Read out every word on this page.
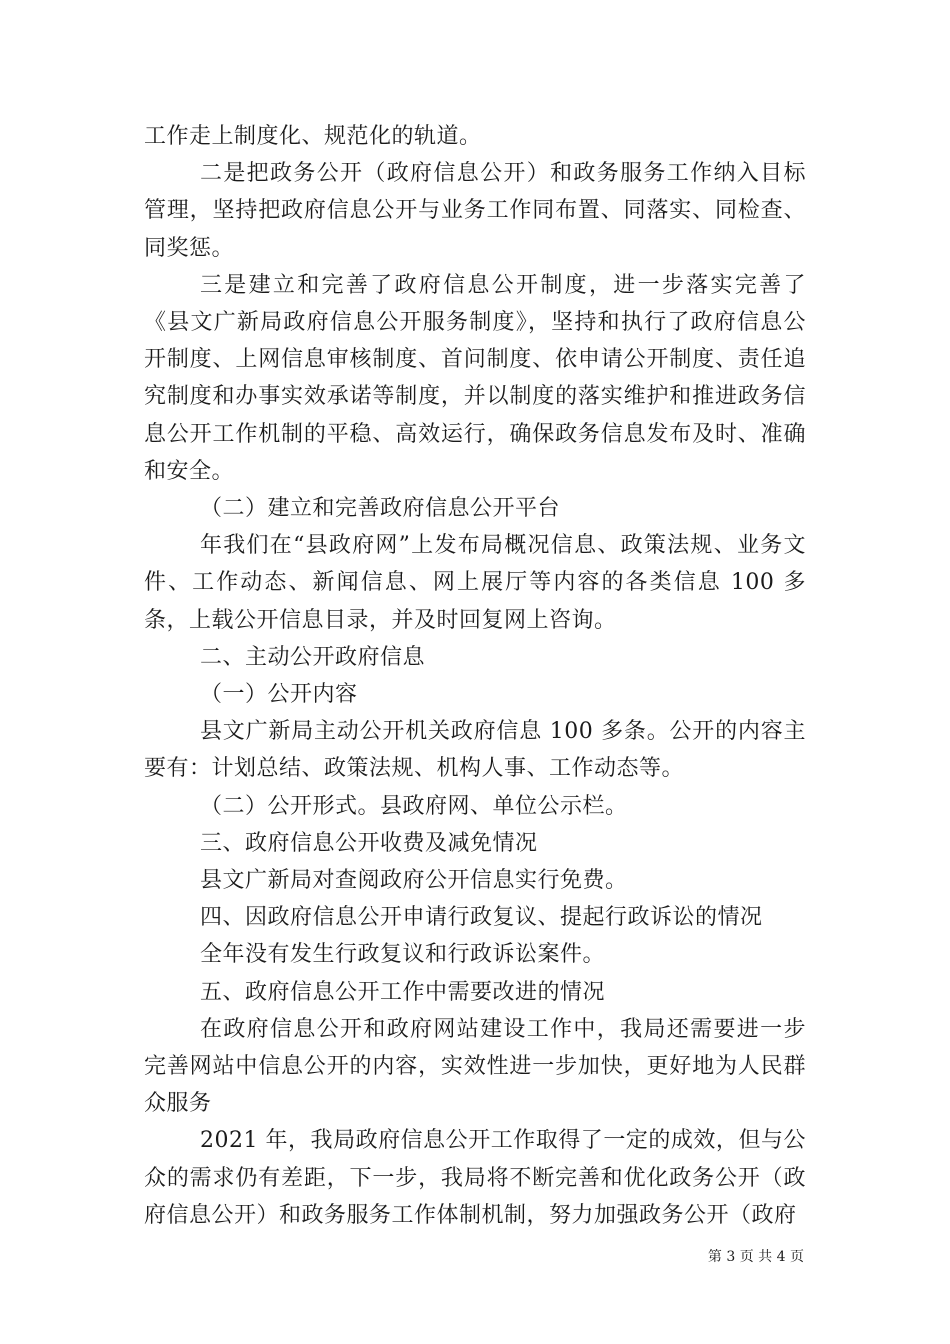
工作走上制度化、规范化的轨道。

二是把政务公开（政府信息公开）和政务服务工作纳入目标管理，坚持把政府信息公开与业务工作同布置、同落实、同检查、同奖惩。

三是建立和完善了政府信息公开制度，进一步落实完善了《县文广新局政府信息公开服务制度》，坚持和执行了政府信息公开制度、上网信息审核制度、首问制度、依申请公开制度、责任追究制度和办事实效承诺等制度，并以制度的落实维护和推进政务信息公开工作机制的平稳、高效运行，确保政务信息发布及时、准确和安全。

（二）建立和完善政府信息公开平台

年我们在“县政府网”上发布局概况信息、政策法规、业务文件、工作动态、新闻信息、网上展厅等内容的各类信息 100 多条，上载公开信息目录，并及时回复网上咨询。

二、主动公开政府信息

（一）公开内容

县文广新局主动公开机关政府信息 100 多条。公开的内容主要有：计划总结、政策法规、机构人事、工作动态等。

（二）公开形式。县政府网、单位公示栏。

三、政府信息公开收费及减免情况

县文广新局对查阅政府公开信息实行免费。

四、因政府信息公开申请行政复议、提起行政诉讼的情况

全年没有发生行政复议和行政诉讼案件。

五、政府信息公开工作中需要改进的情况

在政府信息公开和政府网站建设工作中，我局还需要进一步完善网站中信息公开的内容，实效性进一步加快，更好地为人民群众服务

2021 年，我局政府信息公开工作取得了一定的成效，但与公众的需求仍有差距，下一步，我局将不断完善和优化政务公开（政府信息公开）和政务服务工作体制机制，努力加强政务公开（政府

第 3 页 共 4 页
